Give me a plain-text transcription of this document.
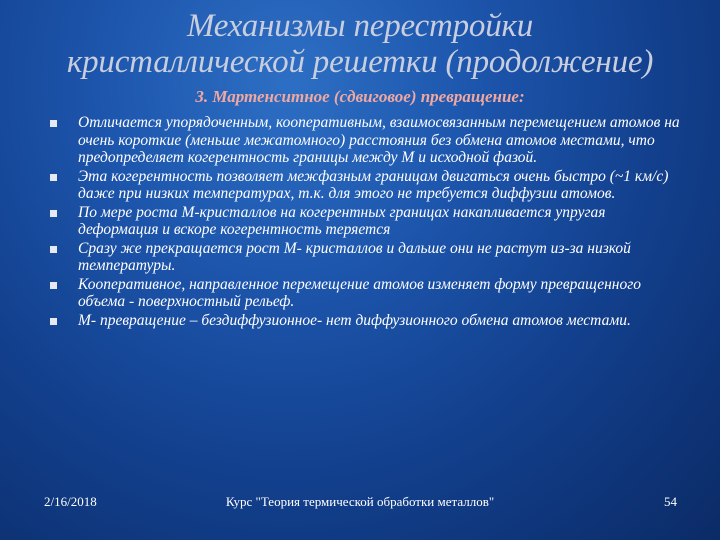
Механизмы перестройки
кристаллической решетки (продолжение)
3. Мартенситное (сдвиговое) превращение:
Отличается упорядоченным, кооперативным, взаимосвязанным перемещением атомов на очень короткие (меньше межатомного) расстояния без обмена атомов местами, что предопределяет когерентность границы между М и исходной фазой.
Эта когерентность позволяет межфазным границам двигаться очень быстро (~1 км/с) даже при низких температурах, т.к. для этого не требуется диффузии атомов.
По мере роста М-кристаллов на когерентных границах накапливается упругая деформация и вскоре когерентность теряется
Сразу же прекращается рост М- кристаллов и дальше они не растут из-за низкой температуры.
Кооперативное, направленное перемещение атомов изменяет форму превращенного объема - поверхностный рельеф.
М- превращение – бездиффузионное- нет диффузионного обмена атомов местами.
2/16/2018	Курс "Теория термической обработки металлов"	54
